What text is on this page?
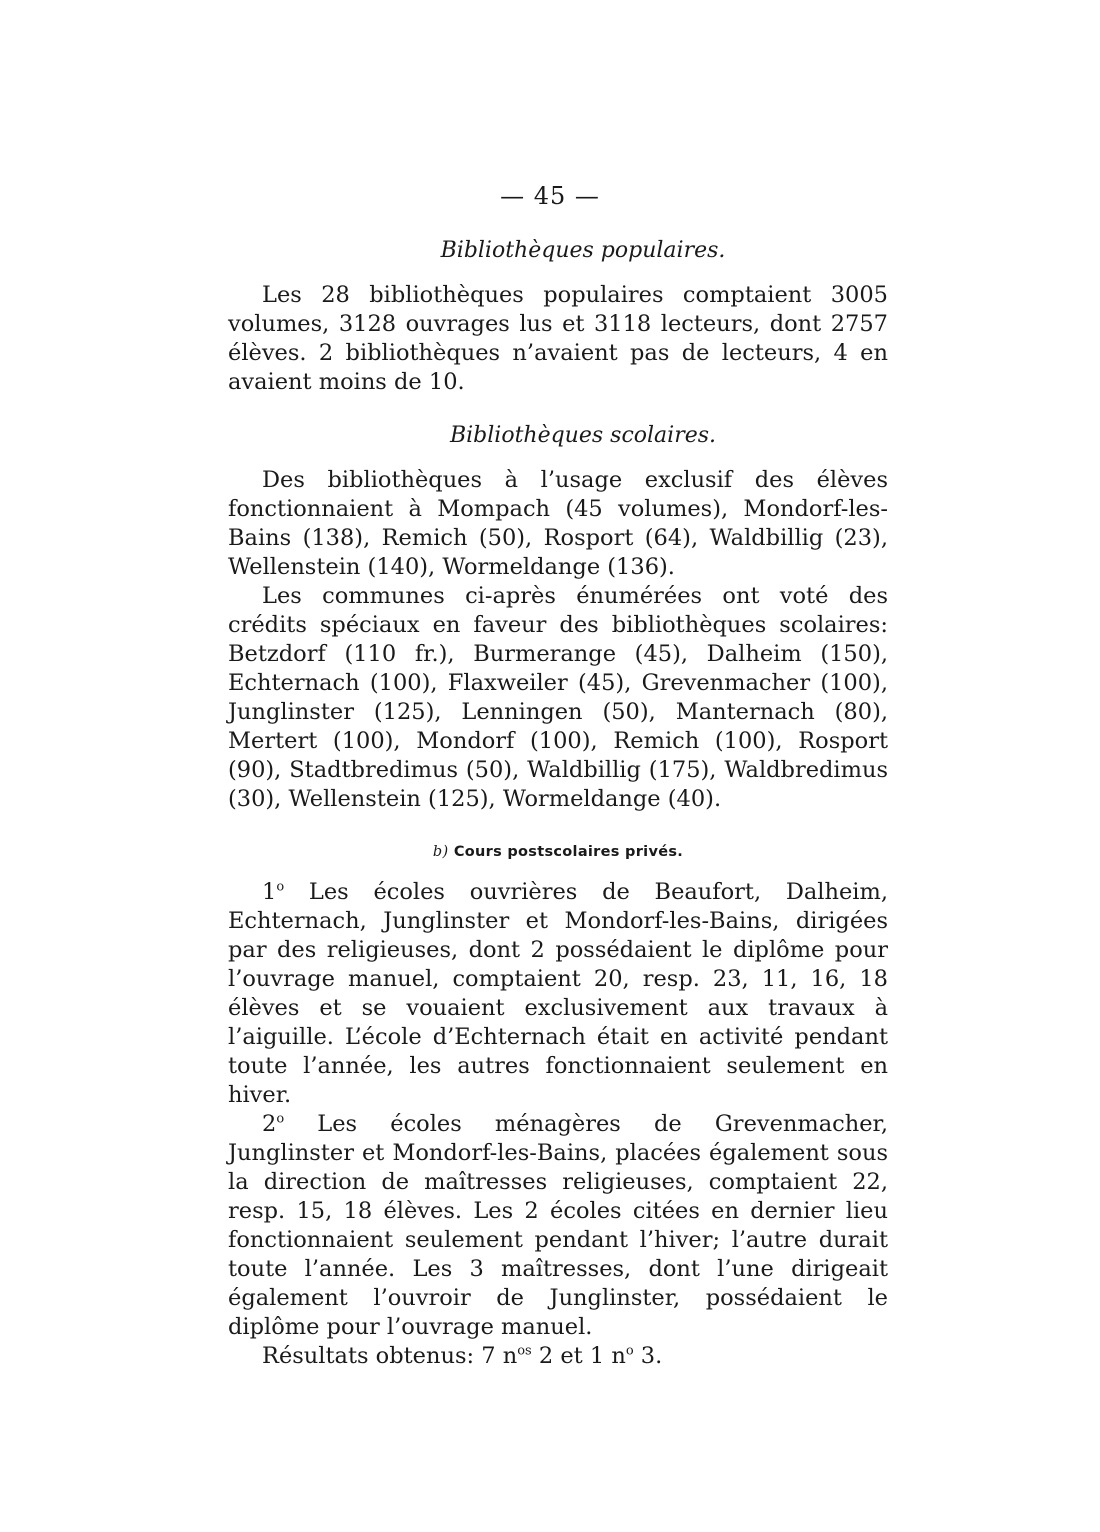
— 45 —
Bibliothèques populaires.

Les 28 bibliothèques populaires comptaient 3005 volumes, 3128 ouvrages lus et 3118 lecteurs, dont 2757 élèves. 2 bibliothèques n’avaient pas de lecteurs, 4 en avaient moins de 10.

Bibliothèques scolaires.

Des bibliothèques à l’usage exclusif des élèves fonctionnaient à Mompach (45 volumes), Mondorf-les-Bains (138), Remich (50), Rosport (64), Waldbillig (23), Wellenstein (140), Wormeldange (136).

Les communes ci-après énumérées ont voté des crédits spéciaux en faveur des bibliothèques scolaires: Betzdorf (110 fr.), Burmerange (45), Dalheim (150), Echternach (100), Flaxweiler (45), Grevenmacher (100), Junglinster (125), Lenningen (50), Manternach (80), Mertert (100), Mondorf (100), Remich (100), Rosport (90), Stadtbredimus (50), Waldbillig (175), Waldbredimus (30), Wellenstein (125), Wormeldange (40).

b) Cours postscolaires privés.

1$^o$ Les écoles ouvrières de Beaufort, Dalheim, Echternach, Junglinster et Mondorf-les-Bains, dirigées par des religieuses, dont 2 possédaient le diplôme pour l’ouvrage manuel, comptaient 20, resp. 23, 11, 16, 18 élèves et se vouaient exclusivement aux travaux à l’aiguille. L’école d’Echternach était en activité pendant toute l’année, les autres fonctionnaient seulement en hiver.

2$^o$ Les écoles ménagères de Grevenmacher, Junglinster et Mondorf-les-Bains, placées également sous la direction de maîtresses religieuses, comptaient 22, resp. 15, 18 élèves. Les 2 écoles citées en dernier lieu fonctionnaient seulement pendant l’hiver; l’autre durait toute l’année. Les 3 maîtresses, dont l’une dirigeait également l’ouvroir de Junglinster, possédaient le diplôme pour l’ouvrage manuel.

Résultats obtenus: 7 $n^{os}$ 2 et 1 $n^o$ 3.
